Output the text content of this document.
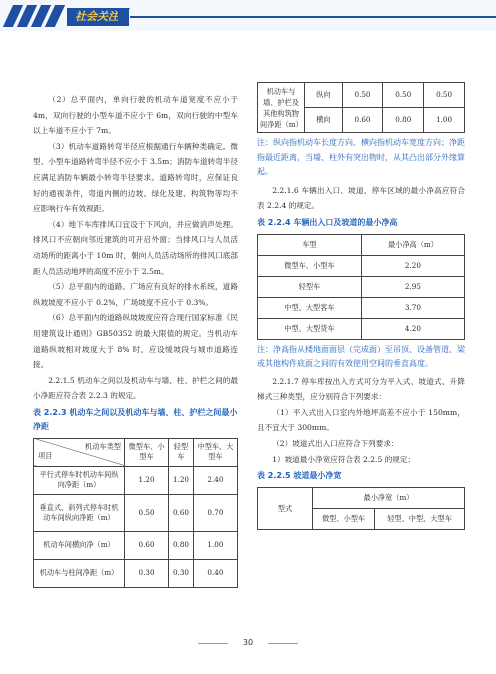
社会关注

（2）总平面内，单向行驶的机动车道宽度不应小于 4m，双向行驶的小型车道不应小于 6m，双向行驶的中型车以上车道不应小于 7m。

（3）机动车道路转弯半径应根据通行车辆种类确定。微型、小型车道路转弯半径不应小于 3.5m；消防车道转弯半径应满足消防车辆最小转弯半径要求。道路转弯时，应保证良好的通视条件，弯道内侧的边坡、绿化及建、构筑物等均不应影响行车有效视距。

（4）地下车库排风口宜设于下风向，并应做消声处理。排风口不应朝向邻近建筑的可开启外窗；当排风口与人员活动场所的距离小于 10m 时，朝向人员活动场所的排风口底部距人员活动地坪的高度不应小于 2.5m。

（5）总平面内的道路、广场应有良好的排水系统，道路纵坡坡度不应小于 0.2%，广场坡度不应小于 0.3%。

（6）总平面内的道路纵坡坡度应符合现行国家标准《民用建筑设计通则》GB50352 的最大限值的规定。当机动车道路纵坡相对坡度大于 8% 时，应设缓坡段与城市道路连接。

2.2.1.5 机动车之间以及机动车与墙、柱、护栏之间的最小净距应符合表 2.2.3 的规定。

表 2.2.3 机动车之间以及机动车与墙、柱、护栏之间最小净距
机动车类型
项目	微型车、小型车	轻型车	中型车、大型车
平行式停车时机动车间纵向净距（m）	1.20	1.20	2.40
垂直式、斜列式停车时机动车间纵向净距（m）	0.50	0.60	0.70
机动车间横向净（m）	0.60	0.80	1.00
机动车与柱间净距（m）	0.30	0.30	0.40
机动车与墙、护栏及其他构筑物间净距（m）	纵向	0.50	0.50	0.50
	横向	0.60	0.80	1.00
注：纵向指机动车长度方向、横向指机动车宽度方向；净距指最近距离，当墙、柱外有突出物时，从其凸出部分外缘算起。

2.2.1.6 车辆出入口、坡道、停车区域的最小净高应符合表 2.2.4 的规定。

表 2.2.4 车辆出入口及坡道的最小净高
车型	最小净高（m）
微型车、小型车	2.20
轻型车	2.95
中型、大型客车	3.70
中型、大型货车	4.20
注：净高指从楼地面面层（完成面）至吊顶、设备管道、梁或其他构件底面之间的有效使用空间的垂直高度。

2.2.1.7 停车库按出入方式可分为平入式、坡道式、升降梯式三种类型，应分别符合下列要求：

（1）平入式出入口室内外地坪高差不应小于 150mm，且不宜大于 300mm。

（2）坡道式出入口应符合下列要求：

1）坡道最小净宽应符合表 2.2.5 的规定；

表 2.2.5 坡道最小净宽
型式	最小净宽（m）	
	微型、小型车	轻型、中型、大型车
30
